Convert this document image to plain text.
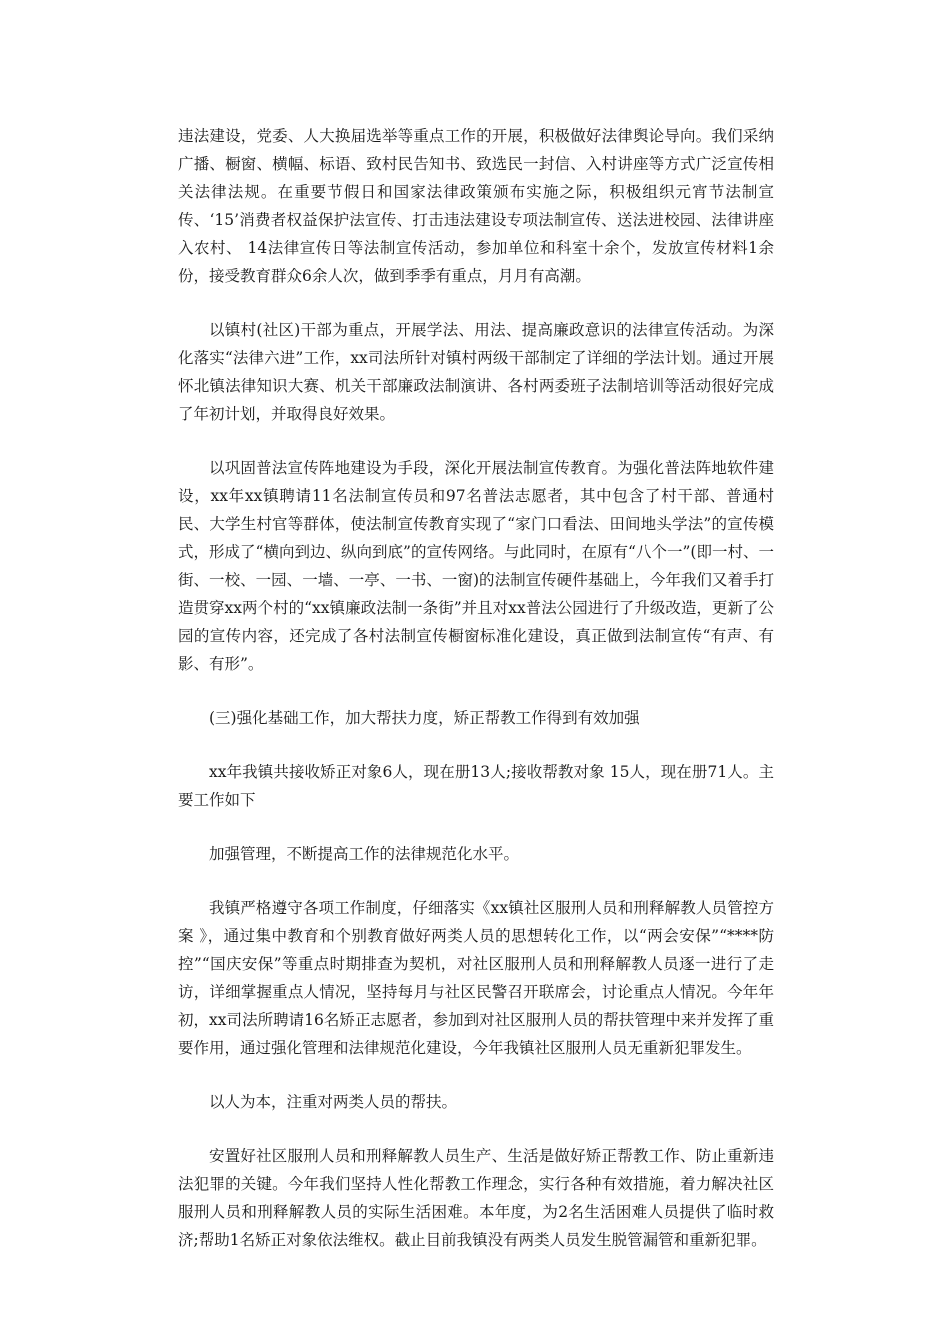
违法建设，党委、人大换届选举等重点工作的开展，积极做好法律舆论导向。我们采纳广播、橱窗、横幅、标语、致村民告知书、致选民一封信、入村讲座等方式广泛宣传相关法律法规。在重要节假日和国家法律政策颁布实施之际，积极组织元宵节法制宣传、‘15’消费者权益保护法宣传、打击违法建设专项法制宣传、送法进校园、法律讲座入农村、 14法律宣传日等法制宣传活动，参加单位和科室十余个，发放宣传材料1余份，接受教育群众6余人次，做到季季有重点，月月有高潮。

以镇村(社区)干部为重点，开展学法、用法、提高廉政意识的法律宣传活动。为深化落实“法律六进”工作，xx司法所针对镇村两级干部制定了详细的学法计划。通过开展怀北镇法律知识大赛、机关干部廉政法制演讲、各村两委班子法制培训等活动很好完成了年初计划，并取得良好效果。

以巩固普法宣传阵地建设为手段，深化开展法制宣传教育。为强化普法阵地软件建设，xx年xx镇聘请11名法制宣传员和97名普法志愿者，其中包含了村干部、普通村民、大学生村官等群体，使法制宣传教育实现了“家门口看法、田间地头学法”的宣传模式，形成了“横向到边、纵向到底”的宣传网络。与此同时，在原有“八个一”(即一村、一街、一校、一园、一墙、一亭、一书、一窗)的法制宣传硬件基础上，今年我们又着手打造贯穿xx两个村的“xx镇廉政法制一条街”并且对xx普法公园进行了升级改造，更新了公园的宣传内容，还完成了各村法制宣传橱窗标准化建设，真正做到法制宣传“有声、有影、有形”。

(三)强化基础工作，加大帮扶力度，矫正帮教工作得到有效加强

xx年我镇共接收矫正对象6人，现在册13人;接收帮教对象 15人，现在册71人。主要工作如下

加强管理，不断提高工作的法律规范化水平。

我镇严格遵守各项工作制度，仔细落实《xx镇社区服刑人员和刑释解教人员管控方案 》，通过集中教育和个别教育做好两类人员的思想转化工作，以“两会安保”“****防控”“国庆安保”等重点时期排查为契机，对社区服刑人员和刑释解教人员逐一进行了走访，详细掌握重点人情况，坚持每月与社区民警召开联席会，讨论重点人情况。今年年初，xx司法所聘请16名矫正志愿者，参加到对社区服刑人员的帮扶管理中来并发挥了重要作用，通过强化管理和法律规范化建设，今年我镇社区服刑人员无重新犯罪发生。

以人为本，注重对两类人员的帮扶。

安置好社区服刑人员和刑释解教人员生产、生活是做好矫正帮教工作、防止重新违法犯罪的关键。今年我们坚持人性化帮教工作理念，实行各种有效措施，着力解决社区服刑人员和刑释解教人员的实际生活困难。本年度，为2名生活困难人员提供了临时救济;帮助1名矫正对象依法维权。截止目前我镇没有两类人员发生脱管漏管和重新犯罪。
